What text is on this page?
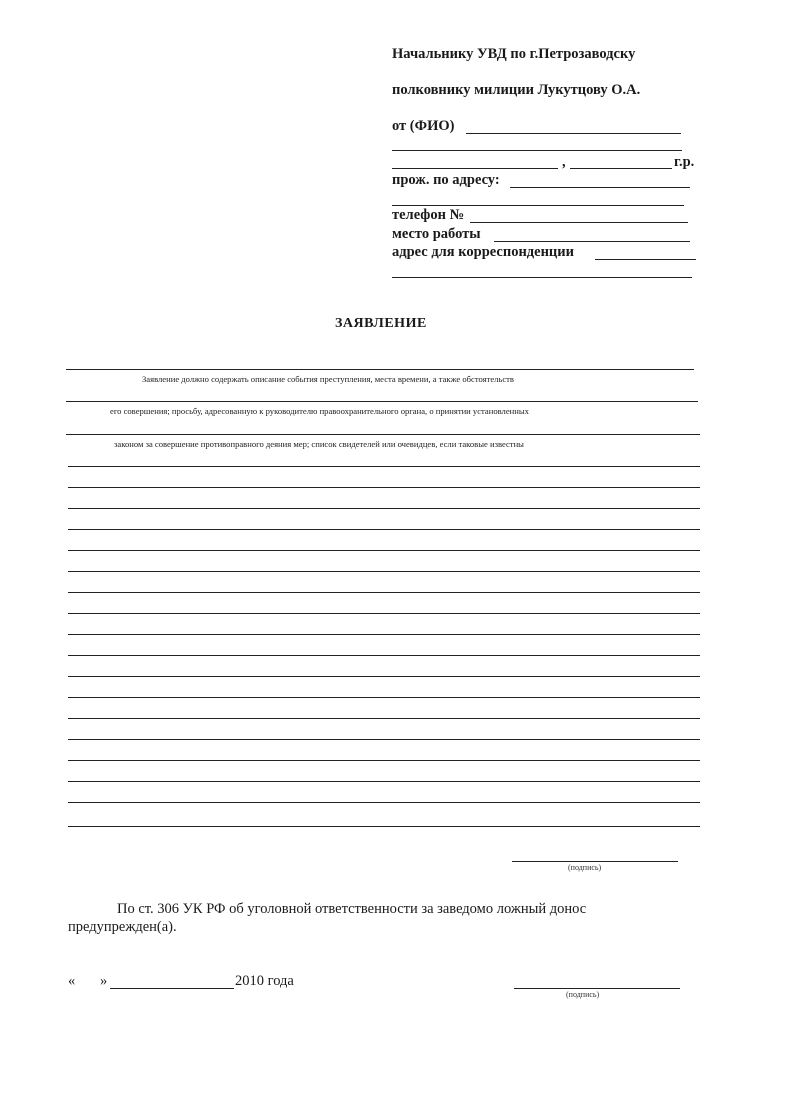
Начальнику УВД по г.Петрозаводску
полковнику милиции Лукутцову О.А.
от (ФИО)
,	г.р.
прож. по адресу:
телефон №
место работы
адрес для корреспонденции
ЗАЯВЛЕНИЕ
Заявление должно содержать описание события преступления, места времени, а также обстоятельств
его совершения; просьбу, адресованную к руководителю правоохранительного органа, о принятии установленных
законом за совершение противоправного деяния мер; список свидетелей или очевидцев, если таковые известны
(подпись)
По ст. 306 УК РФ об уголовной ответственности за заведомо ложный донос
предупрежден(а).
« »	2010 года
(подпись)
